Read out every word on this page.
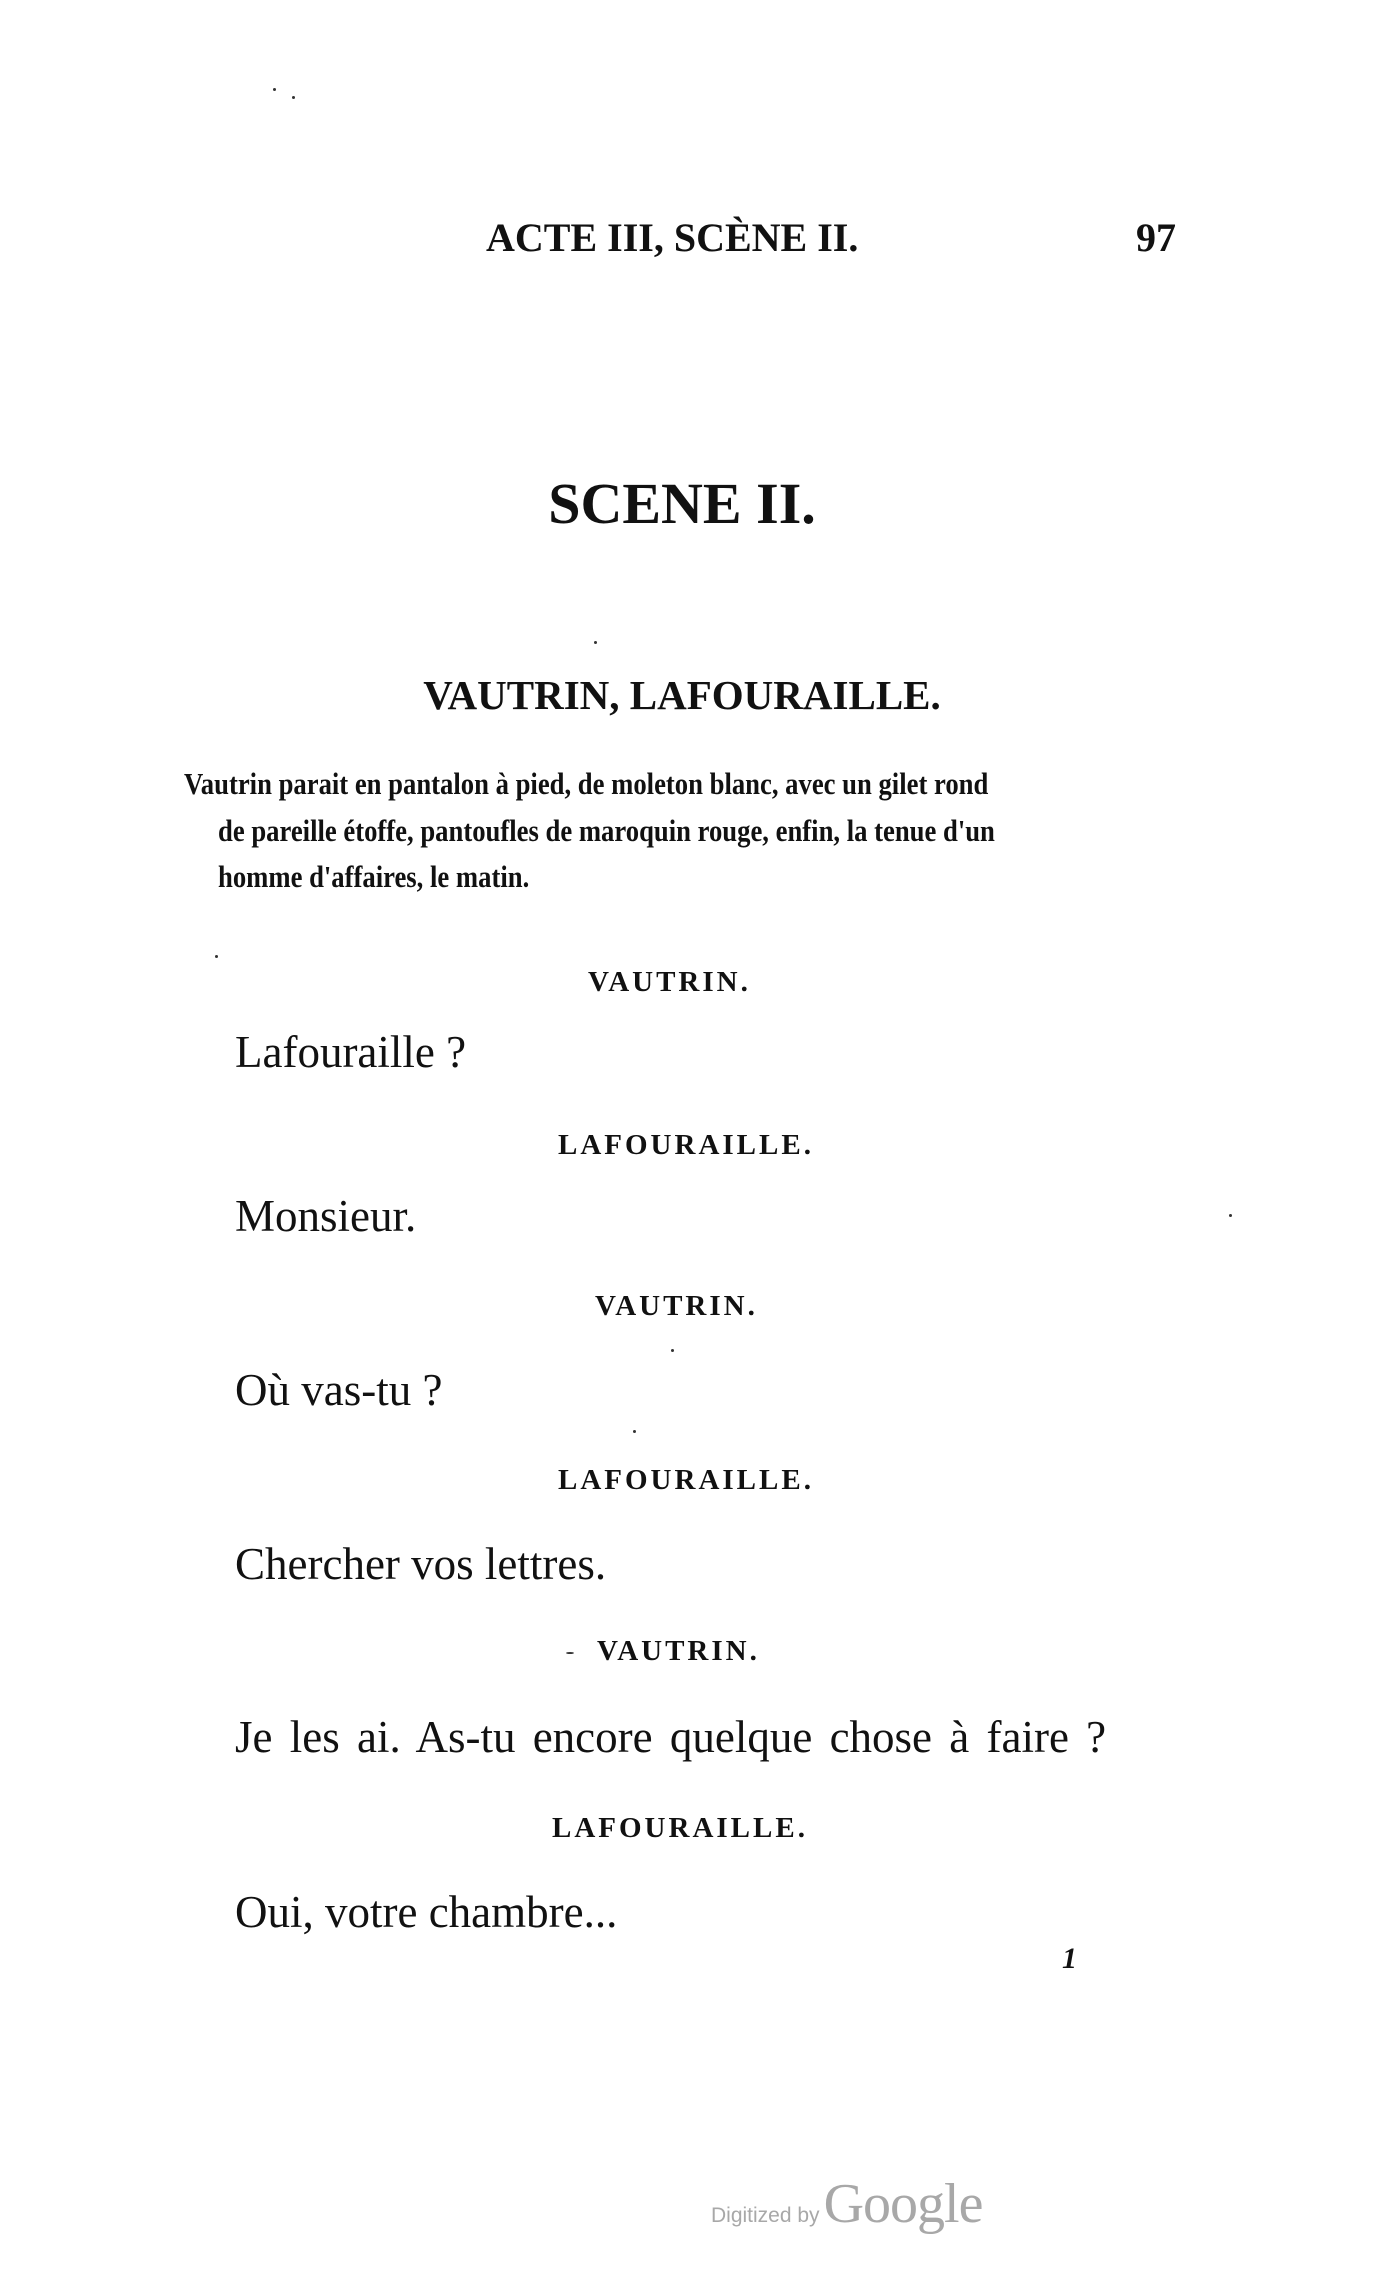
ACTE III, SCÈNE II.	97
SCENE II.
VAUTRIN, LAFOURAILLE.
Vautrin parait en pantalon à pied, de moleton blanc, avec un gilet rond
de pareille étoffe, pantoufles de maroquin rouge, enfin, la tenue d'un
homme d'affaires, le matin.
VAUTRIN.
Lafouraille ?
LAFOURAILLE.
Monsieur.
VAUTRIN.
Où vas-tu ?
LAFOURAILLE.
Chercher vos lettres.
VAUTRIN.
Je les ai. As-tu encore quelque chose à faire ?
LAFOURAILLE.
Oui, votre chambre...
1
Digitized by Google
